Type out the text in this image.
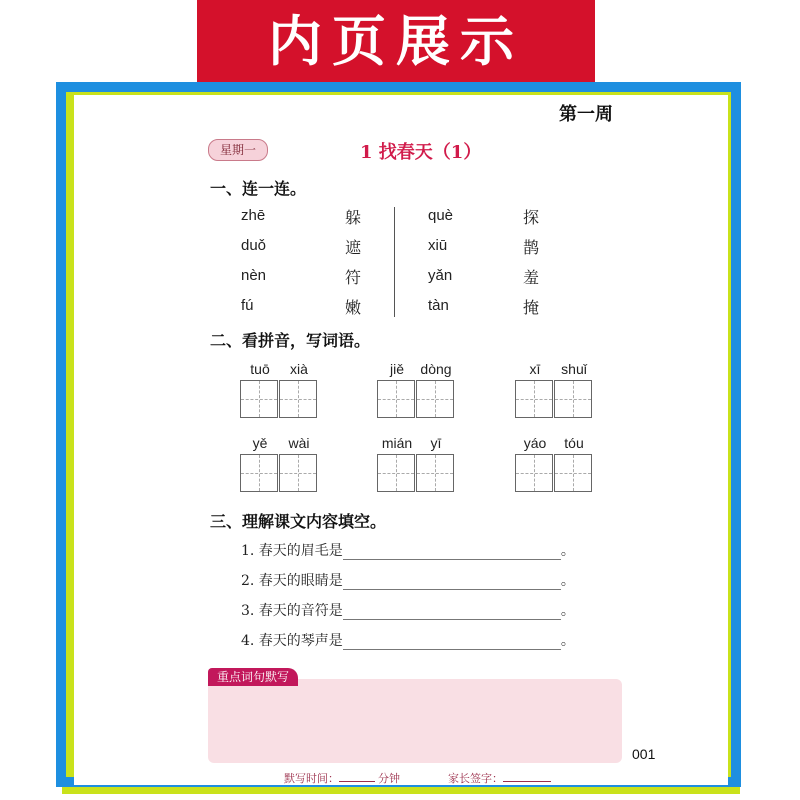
内页展示
第一周
星期一	1 找春天（1）
一、连一连。
zhē	躲
duǒ	遮
nèn	符
fú	嫩
què	探
xiū	鹊
yǎn	羞
tàn	掩
二、看拼音，写词语。
tuō	xià	jiě	dòng	xī	shuǐ
yě	wài	mián	yī	yáo	tóu
三、理解课文内容填空。
1. 春天的眉毛是	。
2. 春天的眼睛是	。
3. 春天的音符是	。
4. 春天的琴声是	。
重点词句默写
001
默写时间：	分钟	家长签字：
